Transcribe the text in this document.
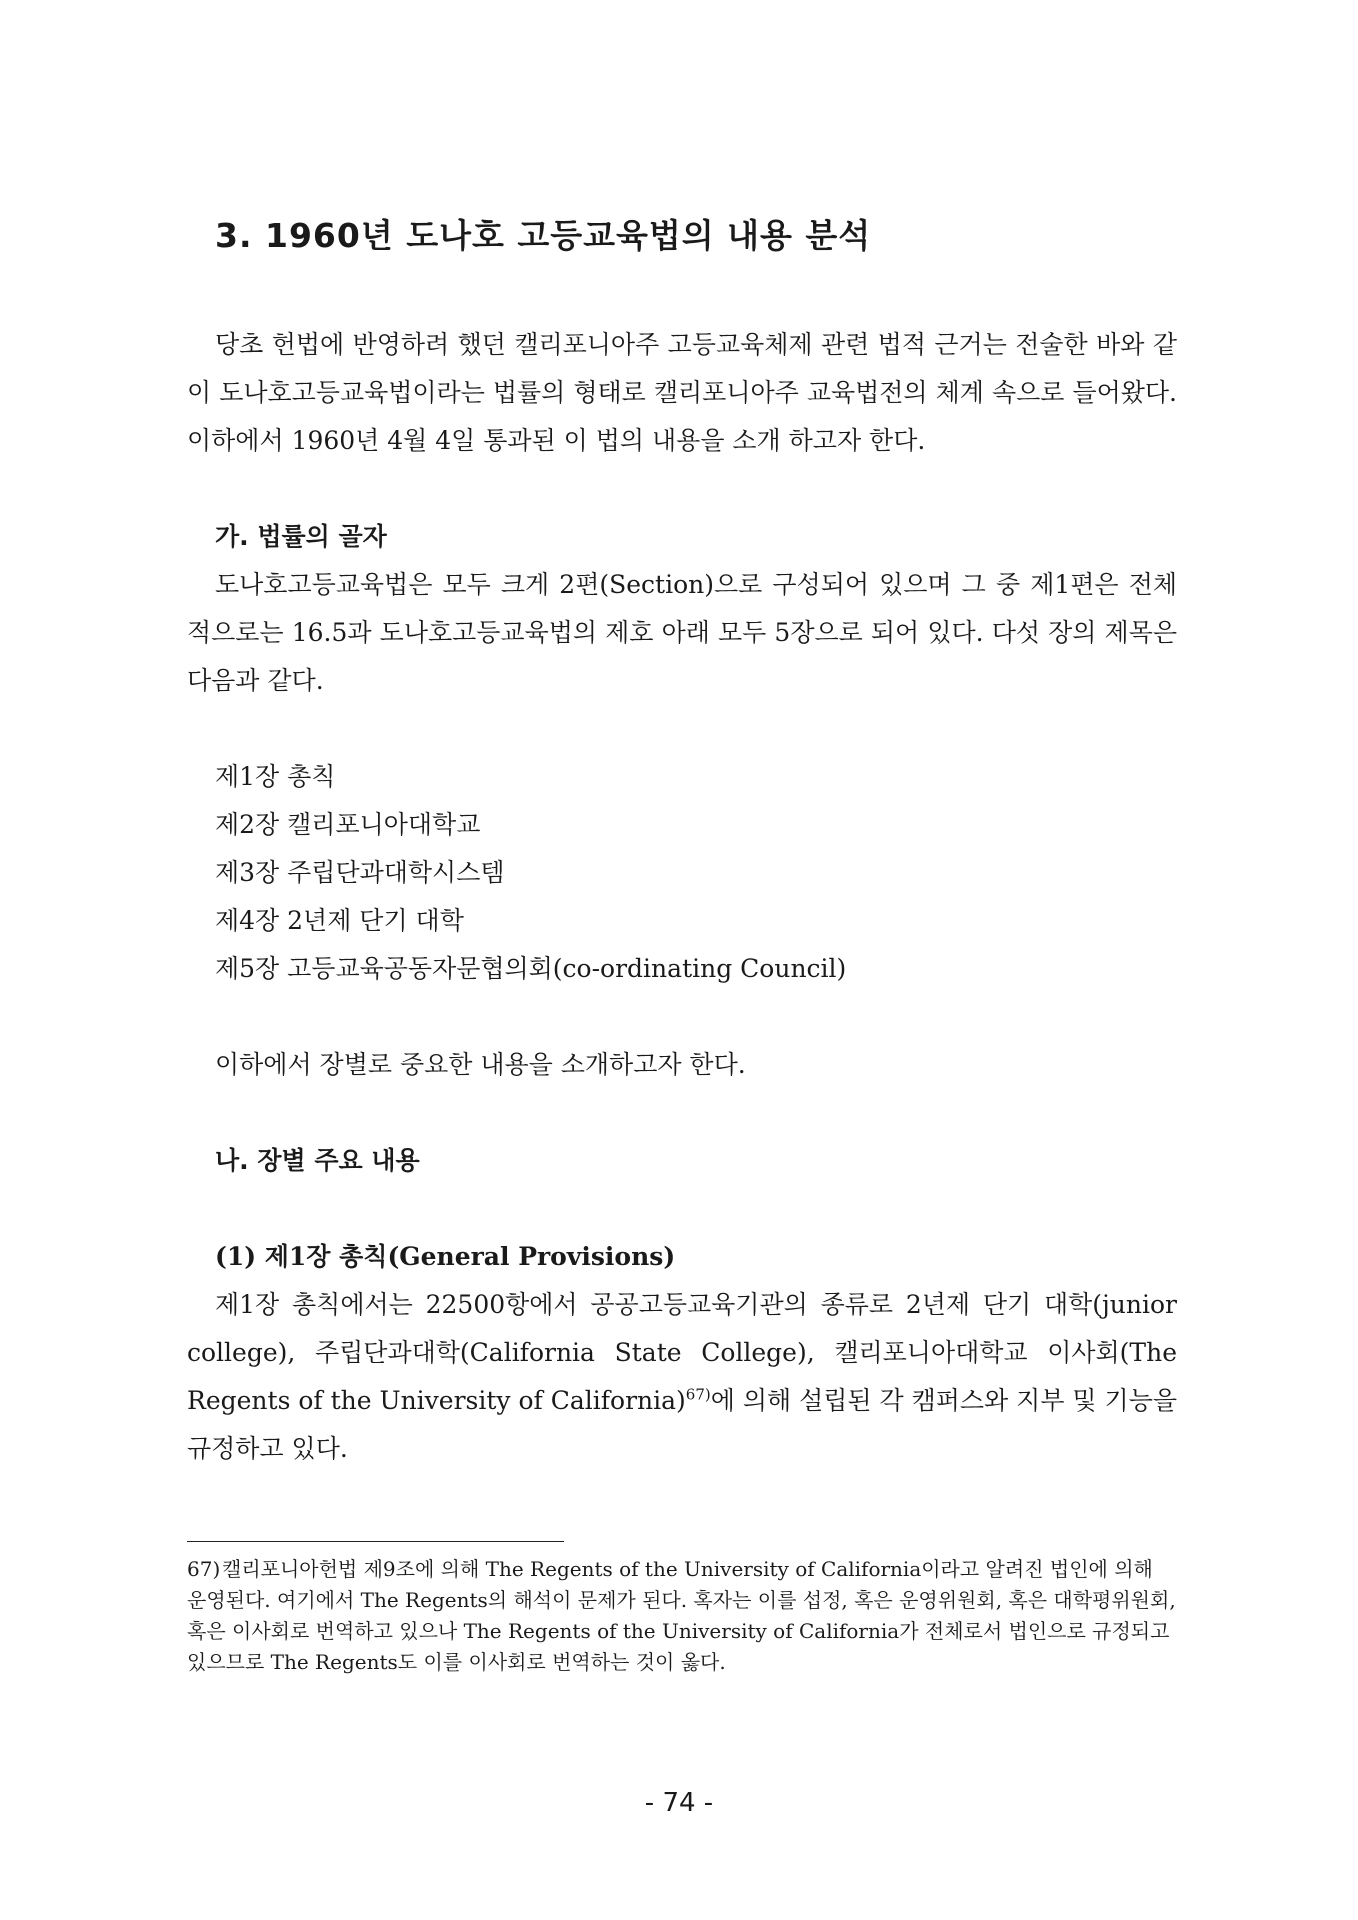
3. 1960년 도나호 고등교육법의 내용 분석

당초 헌법에 반영하려 했던 캘리포니아주 고등교육체제 관련 법적 근거는 전술한 바와 같이 도나호고등교육법이라는 법률의 형태로 캘리포니아주 교육법전의 체계 속으로 들어왔다. 이하에서 1960년 4월 4일 통과된 이 법의 내용을 소개 하고자 한다.

가. 법률의 골자

도나호고등교육법은 모두 크게 2편(Section)으로 구성되어 있으며 그 중 제1편은 전체적으로는 16.5과 도나호고등교육법의 제호 아래 모두 5장으로 되어 있다. 다섯 장의 제목은 다음과 같다.

제1장 총칙
제2장 캘리포니아대학교
제3장 주립단과대학시스템
제4장 2년제 단기 대학
제5장 고등교육공동자문협의회(co-ordinating Council)

이하에서 장별로 중요한 내용을 소개하고자 한다.

나. 장별 주요 내용
(1) 제1장 총칙(General Provisions)

제1장 총칙에서는 22500항에서 공공고등교육기관의 종류로 2년제 단기 대학(junior college), 주립단과대학(California State College), 캘리포니아대학교 이사회(The Regents of the University of California)$^{67)}$에 의해 설립된 각 캠퍼스와 지부 및 기능을 규정하고 있다.

67)캘리포니아헌법 제9조에 의해 The Regents of the University of California이라고 알려진 법인에 의해 운영된다. 여기에서 The Regents의 해석이 문제가 된다. 혹자는 이를 섭정, 혹은 운영위원회, 혹은 대학평위원회, 혹은 이사회로 번역하고 있으나 The Regents of the University of California가 전체로서 법인으로 규정되고 있으므로 The Regents도 이를 이사회로 번역하는 것이 옳다.
- 74 -
